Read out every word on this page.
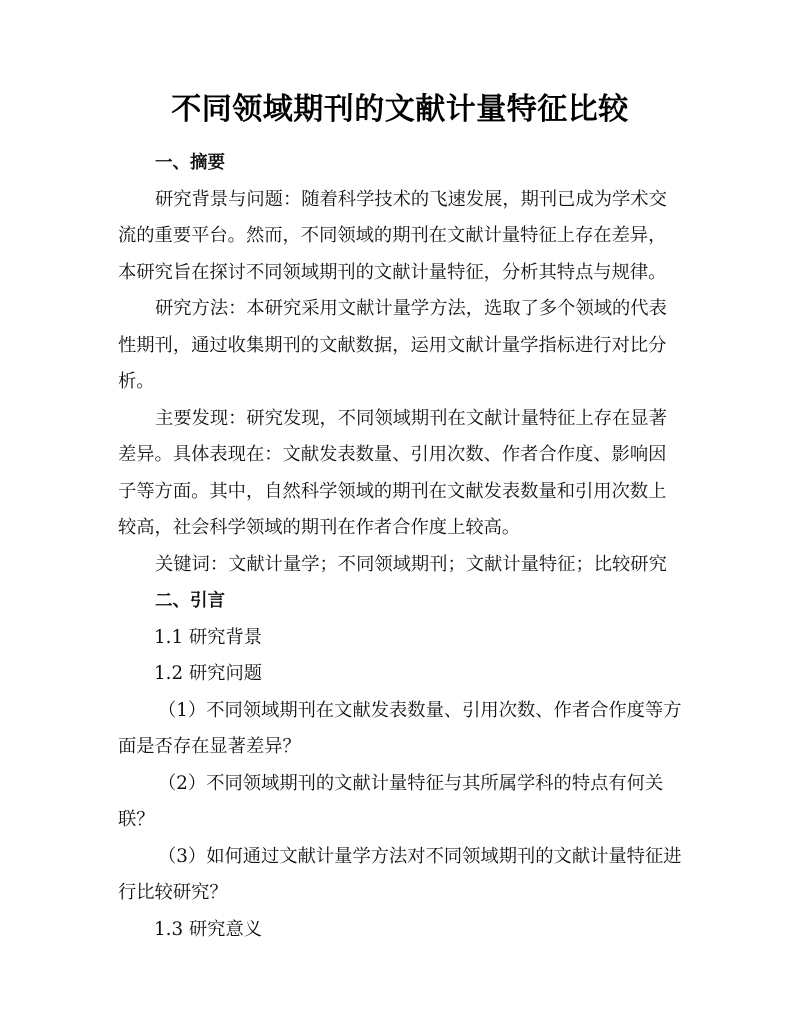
不同领域期刊的文献计量特征比较
一、摘要
研究背景与问题：随着科学技术的飞速发展，期刊已成为学术交
流的重要平台。然而，不同领域的期刊在文献计量特征上存在差异，
本研究旨在探讨不同领域期刊的文献计量特征，分析其特点与规律。
研究方法：本研究采用文献计量学方法，选取了多个领域的代表
性期刊，通过收集期刊的文献数据，运用文献计量学指标进行对比分
析。
主要发现：研究发现，不同领域期刊在文献计量特征上存在显著
差异。具体表现在：文献发表数量、引用次数、作者合作度、影响因
子等方面。其中，自然科学领域的期刊在文献发表数量和引用次数上
较高，社会科学领域的期刊在作者合作度上较高。
关键词：文献计量学；不同领域期刊；文献计量特征；比较研究
二、引言
1.1 研究背景
1.2 研究问题
（1）不同领域期刊在文献发表数量、引用次数、作者合作度等方
面是否存在显著差异？
（2）不同领域期刊的文献计量特征与其所属学科的特点有何关
联？
（3）如何通过文献计量学方法对不同领域期刊的文献计量特征进
行比较研究？
1.3 研究意义
